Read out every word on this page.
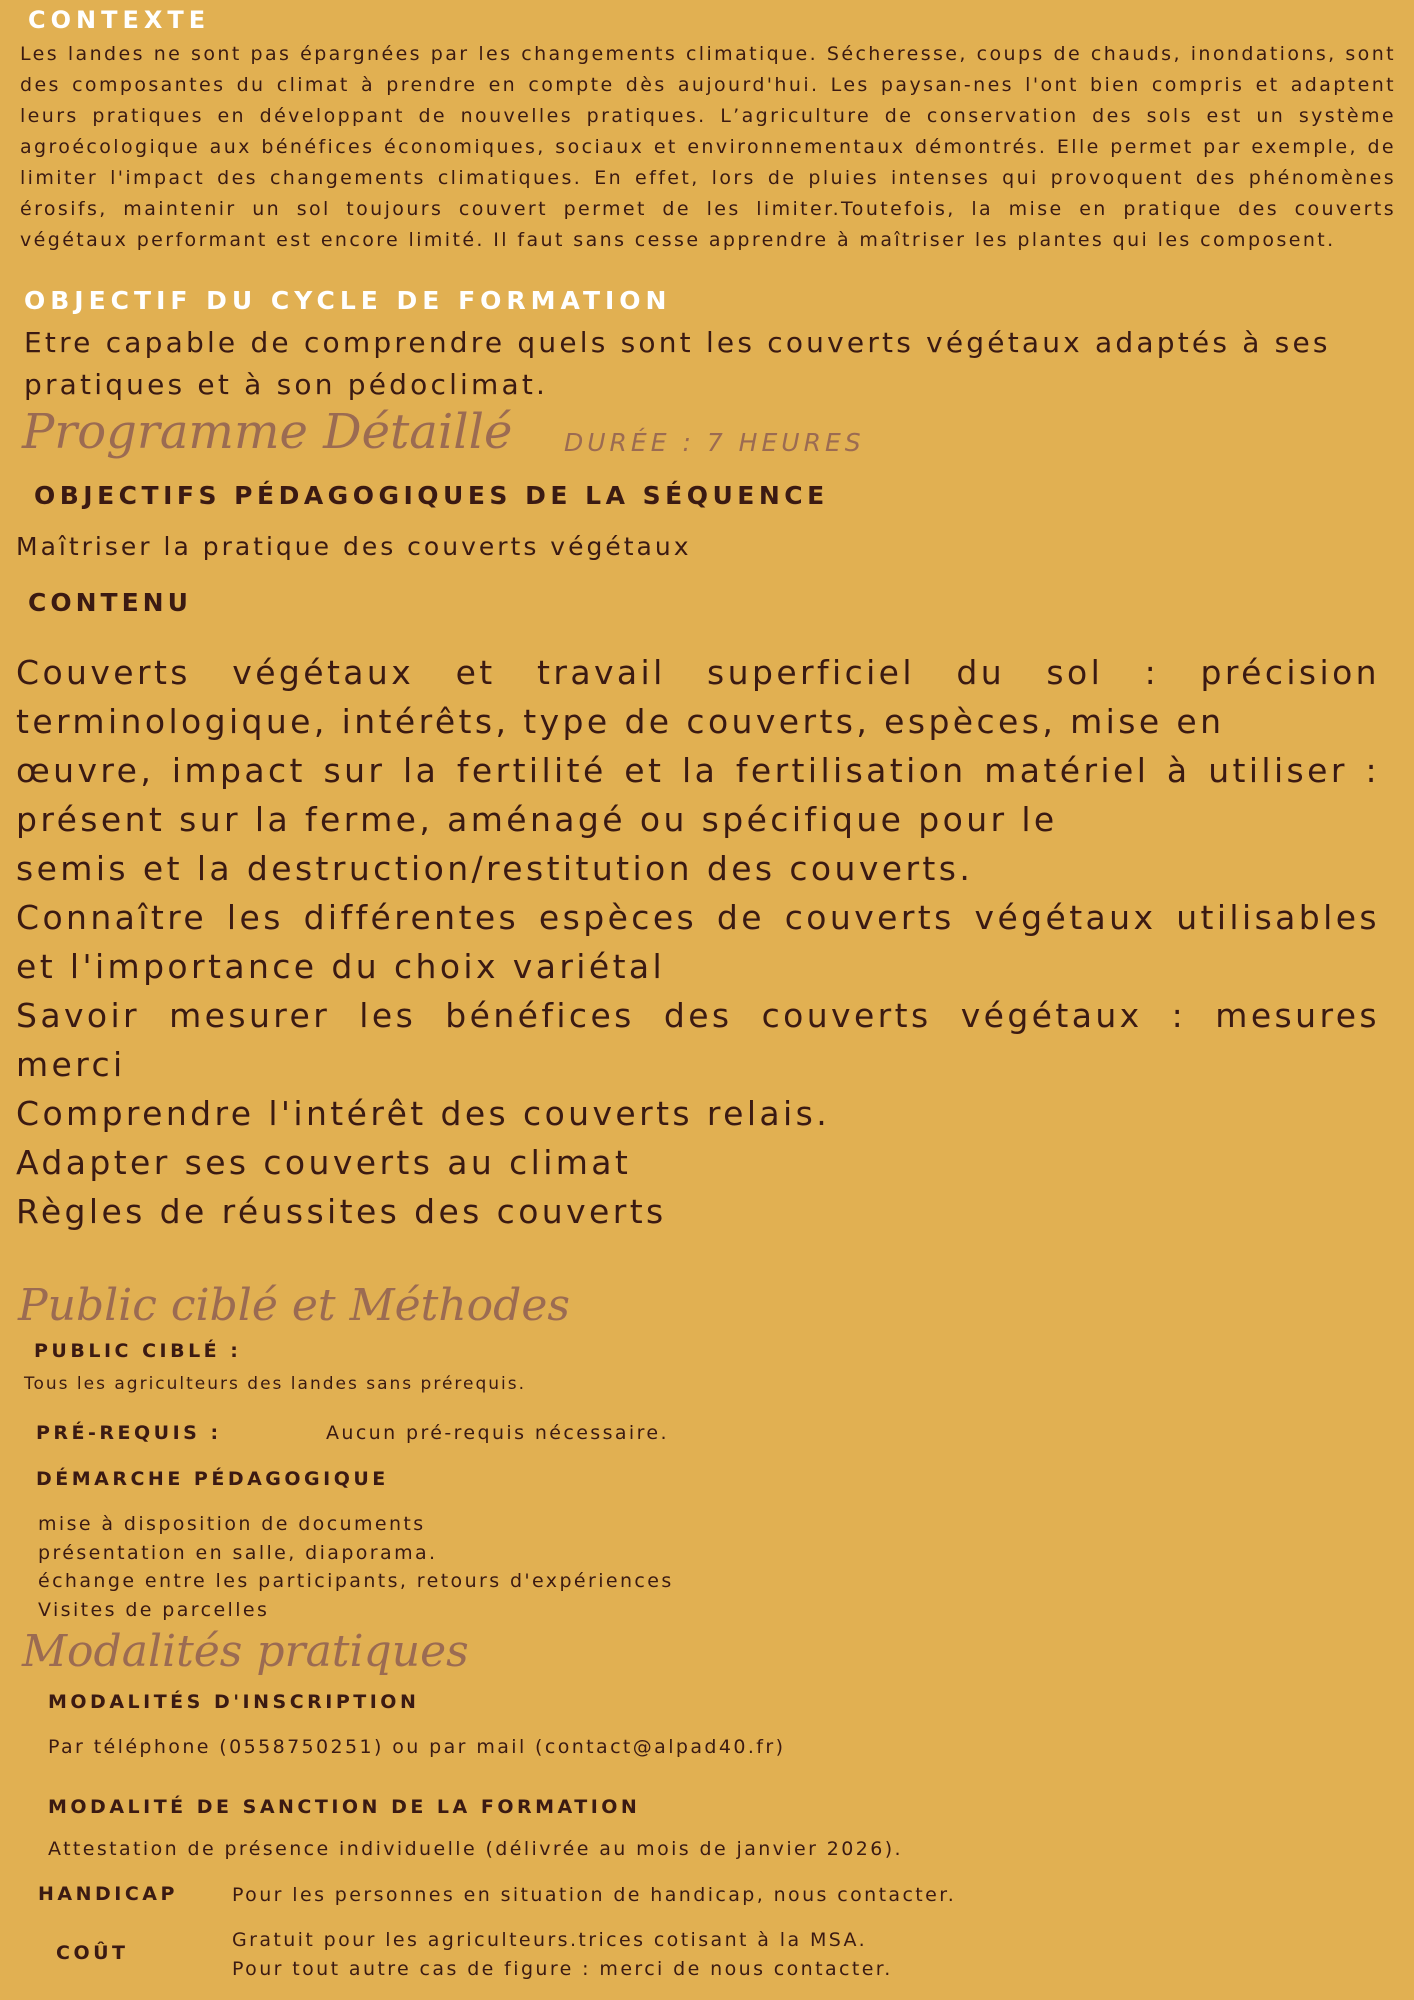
CONTEXTE
Les landes ne sont pas épargnées par les changements climatique. Sécheresse, coups de chauds, inondations, sont des composantes du climat à prendre en compte dès aujourd'hui. Les paysan-nes l'ont bien compris et adaptent leurs pratiques en développant de nouvelles pratiques. L’agriculture de conservation des sols est un système agroécologique aux bénéfices économiques, sociaux et environnementaux démontrés. Elle permet par exemple, de limiter l'impact des changements climatiques. En effet, lors de pluies intenses qui provoquent des phénomènes érosifs, maintenir un sol toujours couvert permet de les limiter.Toutefois, la mise en pratique des couverts végétaux performant est encore limité. Il faut sans cesse apprendre à maîtriser les plantes qui les composent.
OBJECTIF DU CYCLE DE FORMATION
Etre capable de comprendre quels sont les couverts végétaux adaptés à ses pratiques et à son pédoclimat.
Programme Détaillé DURÉE : 7 HEURES
OBJECTIFS PÉDAGOGIQUES DE LA SÉQUENCE
Maîtriser la pratique des couverts végétaux
CONTENU
Couverts végétaux et travail superficiel du sol : précision
terminologique, intérêts, type de couverts, espèces, mise en
œuvre, impact sur la fertilité et la fertilisation matériel à utiliser :
présent sur la ferme, aménagé ou spécifique pour le
semis et la destruction/restitution des couverts.
Connaître les différentes espèces de couverts végétaux utilisables
et l'importance du choix variétal
Savoir mesurer les bénéfices des couverts végétaux : mesures
merci
Comprendre l'intérêt des couverts relais.
Adapter ses couverts au climat
Règles de réussites des couverts
Public ciblé et Méthodes
PUBLIC CIBLÉ :
Tous les agriculteurs des landes sans prérequis.
PRÉ-REQUIS :	Aucun pré-requis nécessaire.
DÉMARCHE PÉDAGOGIQUE
mise à disposition de documents
présentation en salle, diaporama.
échange entre les participants, retours d'expériences
Visites de parcelles
Modalités pratiques
MODALITÉS D'INSCRIPTION
Par téléphone (0558750251) ou par mail (contact@alpad40.fr)
MODALITÉ DE SANCTION DE LA FORMATION
Attestation de présence individuelle (délivrée au mois de janvier 2026).
HANDICAP	Pour les personnes en situation de handicap, nous contacter.
COÛT
Gratuit pour les agriculteurs.trices cotisant à la MSA.
Pour tout autre cas de figure : merci de nous contacter.
